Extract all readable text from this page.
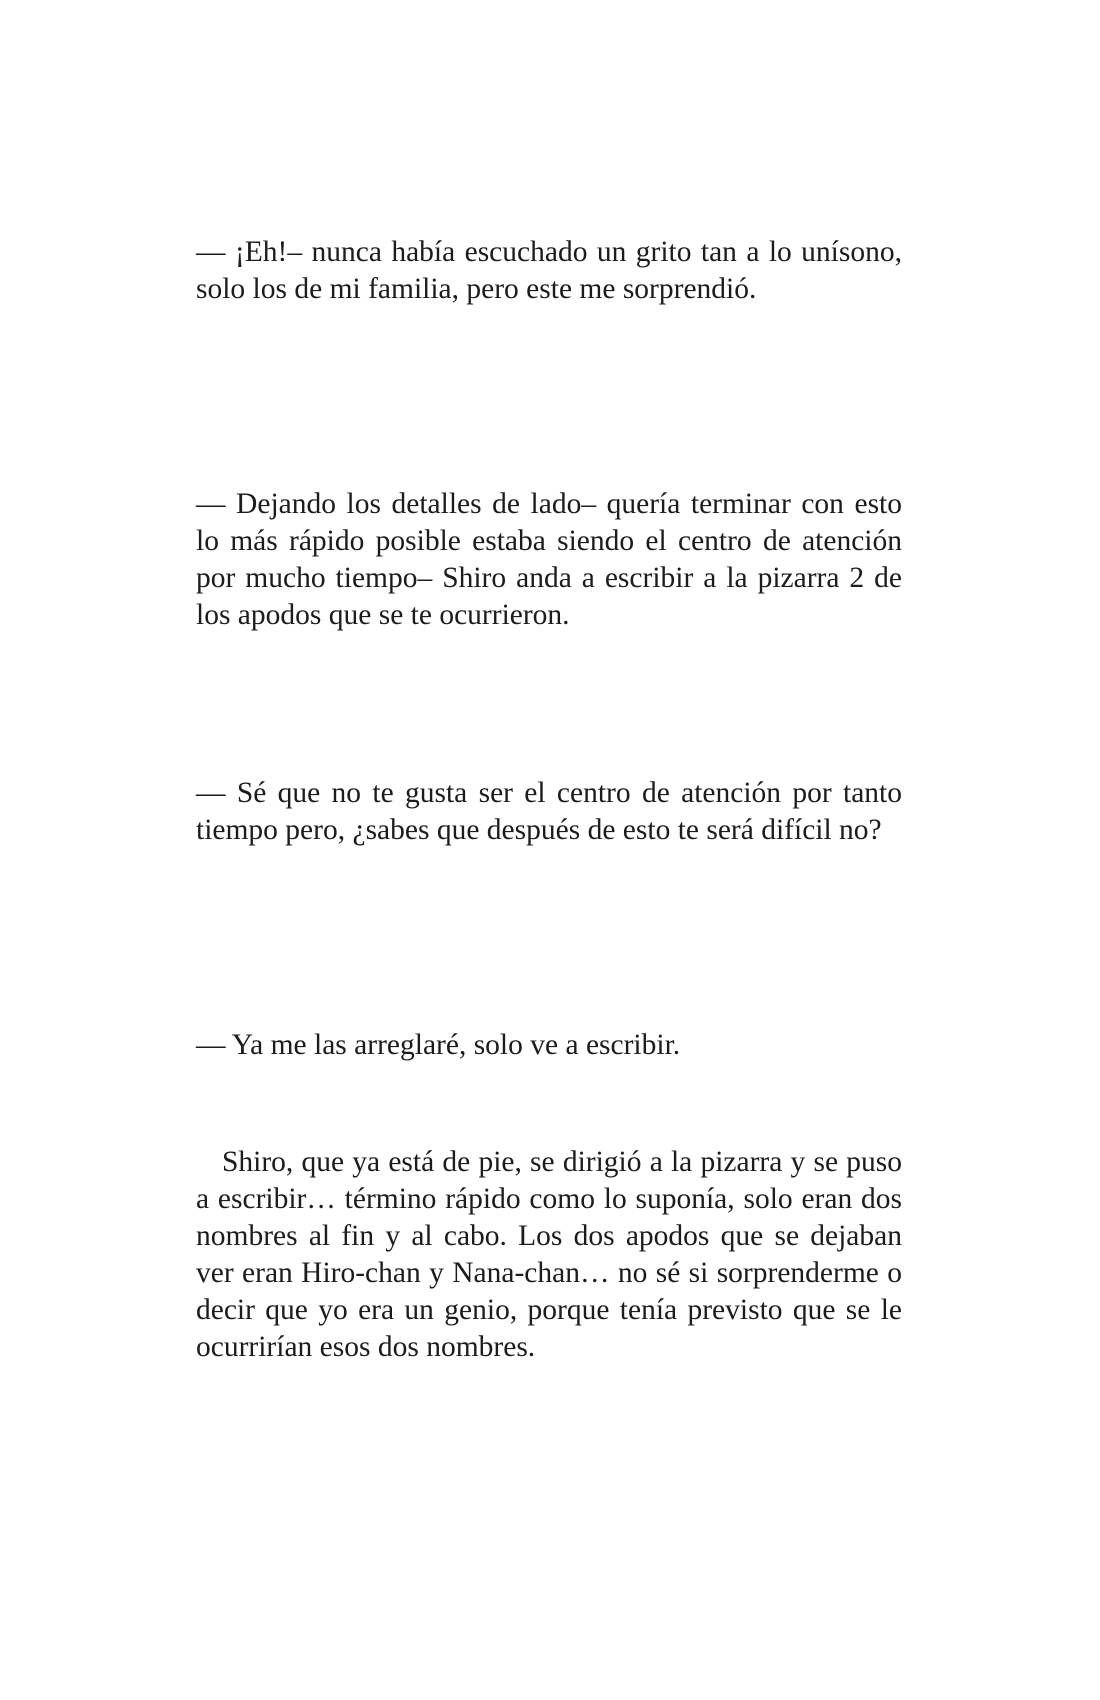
— ¡Eh!– nunca había escuchado un grito tan a lo unísono, solo los de mi familia, pero este me sorprendió.

— Dejando los detalles de lado– quería terminar con esto lo más rápido posible estaba siendo el centro de atención por mucho tiempo– Shiro anda a escribir a la pizarra 2 de los apodos que se te ocurrieron.

— Sé que no te gusta ser el centro de atención por tanto tiempo pero, ¿sabes que después de esto te será difícil no?

— Ya me las arreglaré, solo ve a escribir.

Shiro, que ya está de pie, se dirigió a la pizarra y se puso a escribir… término rápido como lo suponía, solo eran dos nombres al fin y al cabo. Los dos apodos que se dejaban ver eran Hiro-chan y Nana-chan… no sé si sorprenderme o decir que yo era un genio, porque tenía previsto que se le ocurrirían esos dos nombres.
